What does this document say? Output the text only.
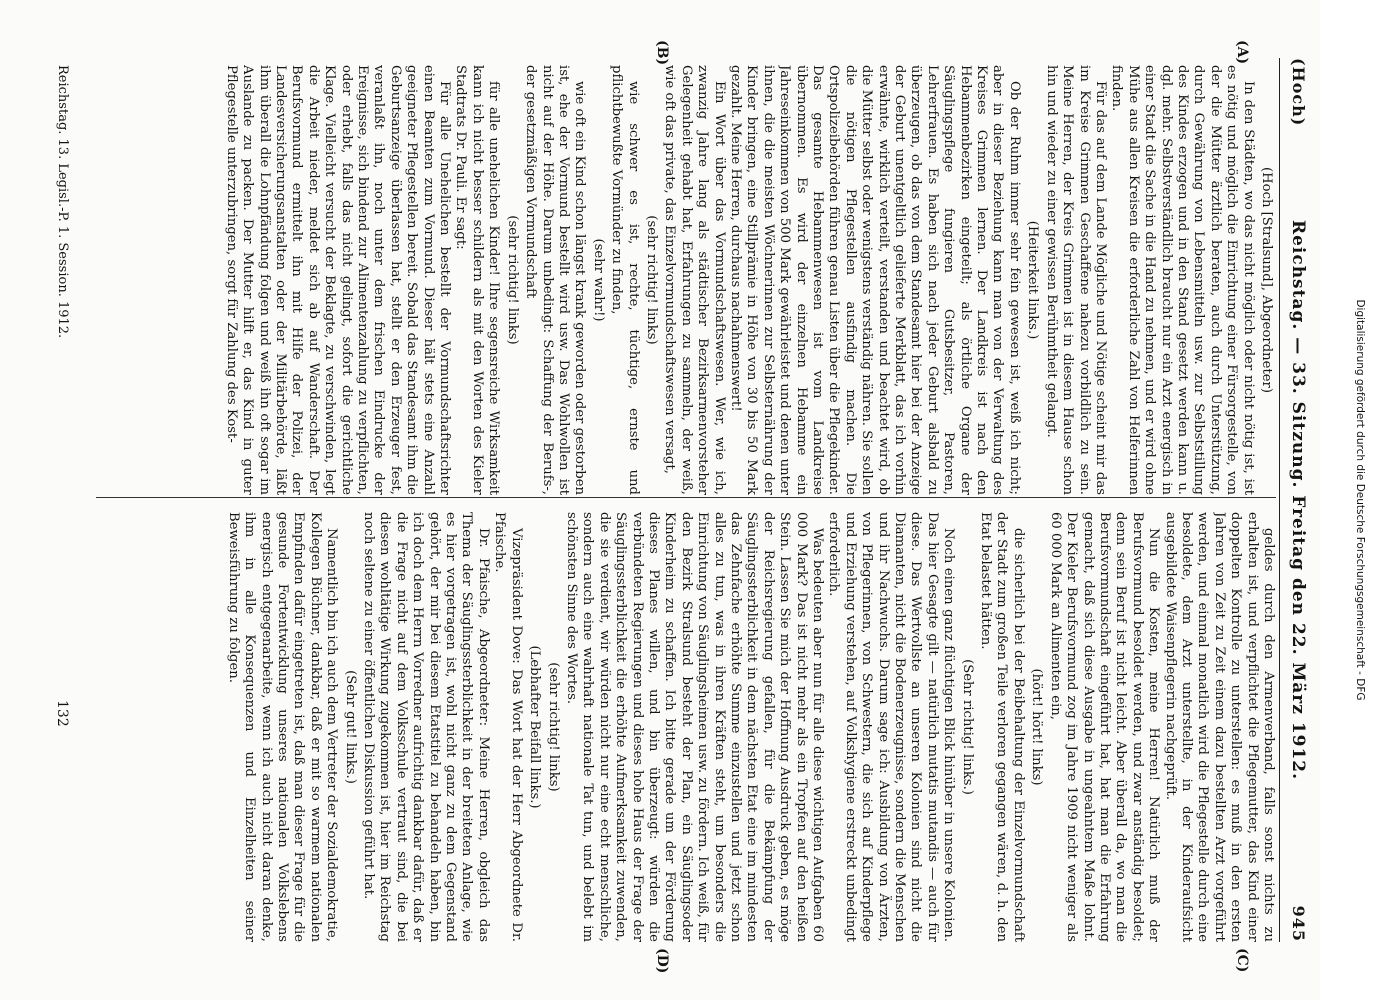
(Hoch)
Reichstag. — 33. Sitzung. Freitag den 22. März 1912.
945
(A)
(B)
(C)
(D)

(Hoch [Stralsund], Abgeordneter)

In den Städten, wo das nicht möglich oder nicht nötig ist, ist es nötig und möglich die Einrichtung einer Fürsorgestelle, von der die Mütter ärztlich beraten, auch durch Unterstützung, durch Gewährung von Lebensmitteln usw. zur Selbststillung des Kindes erzogen und in den Stand gesetzt werden kann u. dgl. mehr. Selbstverständlich braucht nur ein Arzt energisch in einer Stadt die Sache in die Hand zu nehmen, und er wird ohne Mühe aus allen Kreisen die erforderliche Zahl von Helferinnen finden.

Für das auf dem Lande Mögliche und Nötige scheint mir das im Kreise Grimmen Geschaffene nahezu vorbildlich zu sein. Meine Herren, der Kreis Grimmen ist in diesem Hause schon hin und wieder zu einer gewissen Berühmtheit gelangt.

(Heiterkeit links.)

Ob der Ruhm immer sehr fein gewesen ist, weiß ich nicht; aber in dieser Beziehung kann man von der Verwaltung des Kreises Grimmen lernen. Der Landkreis ist nach den Hebammenbezirken eingeteilt; als örtliche Organe der Säuglingspflege fungieren Gutsbesitzer, Pastoren, Lehrerfrauen. Es haben sich nach jeder Geburt alsbald zu überzeugen, ob das von dem Standesamt hier bei der Anzeige der Geburt unentgeltlich gelieferte Merkblatt, das ich vorhin erwähnte, wirklich verteilt, verstanden und beachtet wird, ob die Mütter selbst oder wenigstens verständig nähren. Sie sollen die nötigen Pflegestellen ausfindig machen. Die Ortspolizeibehörden führen genau Listen über die Pflegekinder. Das gesamte Hebammenwesen ist vom Landkreise übernommen. Es wird der einzelnen Hebamme ein Jahreseinkommen von 500 Mark gewährleistet und denen unter ihnen, die die meisten Wöchnerinnen zur Selbsternährung der Kinder bringen, eine Stillprämie in Höhe von 30 bis 50 Mark gezahlt. Meine Herren, durchaus nachahmenswert!

Ein Wort über das Vormundschaftswesen. Wer, wie ich, zwanzig Jahre lang als städtischer Bezirksarmenvorsteher Gelegenheit gehabt hat, Erfahrungen zu sammeln, der weiß, wie oft das private, das Einzelvormundschaftswesen versagt,

(sehr richtig! links)

wie schwer es ist, rechte, tüchtige, ernste und pflichtbewußte Vormünder zu finden,

(sehr wahr!)

wie oft ein Kind schon längst krank geworden oder gestorben ist, ehe der Vormund bestellt wird usw. Das Wohlwollen ist nicht auf der Höhe. Darum unbedingt: Schaffung der Berufs-, der gesetzmäßigen Vormundschaft

(sehr richtig! links)

für alle unehelichen Kinder! Ihre segensreiche Wirksamkeit kann ich nicht besser schildern als mit den Worten des Kieler Stadtrats Dr. Pauli. Er sagt:

Für alle Unehelichen bestellt der Vormundschaftsrichter einen Beamten zum Vormund. Dieser hält stets eine Anzahl geeigneter Pflegestellen bereit. Sobald das Standesamt ihm die Geburtsanzeige überlassen hat, stellt er den Erzeuger fest, veranlaßt ihn, noch unter dem frischen Eindrucke der Ereignisse, sich bindend zur Alimentenzahlung zu verpflichten, oder erhebt, falls das nicht gelingt, sofort die gerichtliche Klage. Vielleicht versucht der Beklagte, zu verschwinden, legt die Arbeit nieder, meldet sich ab auf Wanderschaft. Der Berufsvormund ermittelt ihn mit Hilfe der Polizei, der Landesversicherungsanstalten oder der Militärbehörde, läßt ihm überall die Lohnpfändung folgen und weiß ihn oft sogar im Auslande zu packen. Der Mutter hilft er, das Kind in guter Pflegestelle unterzubringen, sorgt für Zahlung des Kost-

geldes durch den Armenverband, falls sonst nichts zu erhalten ist, und verpflichtet die Pflegemutter, das Kind einer doppelten Kontrolle zu unterstellen: es muß in den ersten Jahren von Zeit zu Zeit einem dazu bestellten Arzt vorgeführt werden, und einmal monatlich wird die Pflegestelle durch eine besoldete, dem Arzt unterstellte, in der Kinderaufsicht ausgebildete Waisenpflegerin nachgeprüft.

Nun die Kosten, meine Herren! Natürlich muß der Berufsvormund besoldet werden, und zwar anständig besoldet; denn sein Beruf ist nicht leicht. Aber überall da, wo man die Berufsvormundschaft eingeführt hat, hat man die Erfahrung gemacht, daß sich diese Ausgabe in ungeahntem Maße lohnt. Der Kieler Berufsvormund zog im Jahre 1909 nicht weniger als 60 000 Mark an Alimenten ein,

(hört! hört! links)

die sicherlich bei der Beibehaltung der Einzelvormundschaft der Stadt zum großen Teile verloren gegangen wären, d. h. den Etat belastet hätten.

(Sehr richtig! links.)

Noch einen ganz flüchtigen Blick hinüber in unsere Kolonien. Das hier Gesagte gilt — natürlich mutatis mutandis — auch für diese. Das Wertvollste an unseren Kolonien sind nicht die Diamanten, nicht die Bodenerzeugnisse, sondern die Menschen und ihr Nachwuchs. Darum sage ich: Ausbildung von Ärzten, von Pflegerinnen, von Schwestern, die sich auf Kinderpflege und Erziehung verstehen, auf Volkshygiene erstreckt unbedingt erforderlich.

Was bedeuten aber nun für alle diese wichtigen Aufgaben 60 000 Mark? Das ist nicht mehr als ein Tropfen auf den heißen Stein. Lassen Sie mich der Hoffnung Ausdruck geben, es möge der Reichsregierung gefallen, für die Bekämpfung der Säuglingssterblichkeit in dem nächsten Etat eine im mindesten das Zehnfache erhöhte Summe einzustellen und jetzt schon alles zu tun, was in ihren Kräften steht, um besonders die Einrichtung von Säuglingsheimen usw. zu fördern. Ich weiß, für den Bezirk Stralsund besteht der Plan, ein Säuglingsoder Kinderheim zu schaffen. Ich bitte gerade um der Förderung dieses Planes willen, und bin überzeugt: würden die verbündeten Regierungen und dieses hohe Haus der Frage der Säuglingssterblichkeit die erhöhte Aufmerksamkeit zuwenden, die sie verdient, wir würden nicht nur eine echt menschliche, sondern auch eine wahrhaft nationale Tat tun, und belebt im schönsten Sinne des Wortes.

(sehr richtig! links)

(Lebhafter Beifall links.)

Vizepräsident Dove: Das Wort hat der Herr Abgeordnete Dr. Pfaische.

Dr. Pfaische, Abgeordneter: Meine Herren, obgleich das Thema der Säuglingssterblichkeit in der breiteten Anlage, wie es hier vorgetragen ist, wohl nicht ganz zu dem Gegenstand gehört, der mir bei diesem Etatstitel zu behandeln haben, bin ich doch dem Herrn Vorredner aufrichtig dankbar dafür, daß er die Frage nicht auf dem Volksschule vertraut sind, die bei diesen wohltätige Wirkung zugekommen ist, hier im Reichstag noch seltene zu einer öffentlichen Diskussion geführt hat.

(Sehr gut! links.)

Namentlich bin ich auch dem Vertreter der Sozialdemokratie, Kollegen Büchner, dankbar, daß er mit so warmem nationalen Empfinden dafür eingetreten ist, daß man dieser Frage für die gesunde Fortentwicklung unseres nationalen Volkslebens energisch entgegenarbeite, wenn ich auch nicht daran denke, ihm in alle Konsequenzen und Einzelheiten seiner Beweisführung zu folgen.

Reichstag. 13. Legisl.-P. 1. Session. 1912.
132
Digitalisierung gefördert durch die Deutsche Forschungsgemeinschaft - DFG
